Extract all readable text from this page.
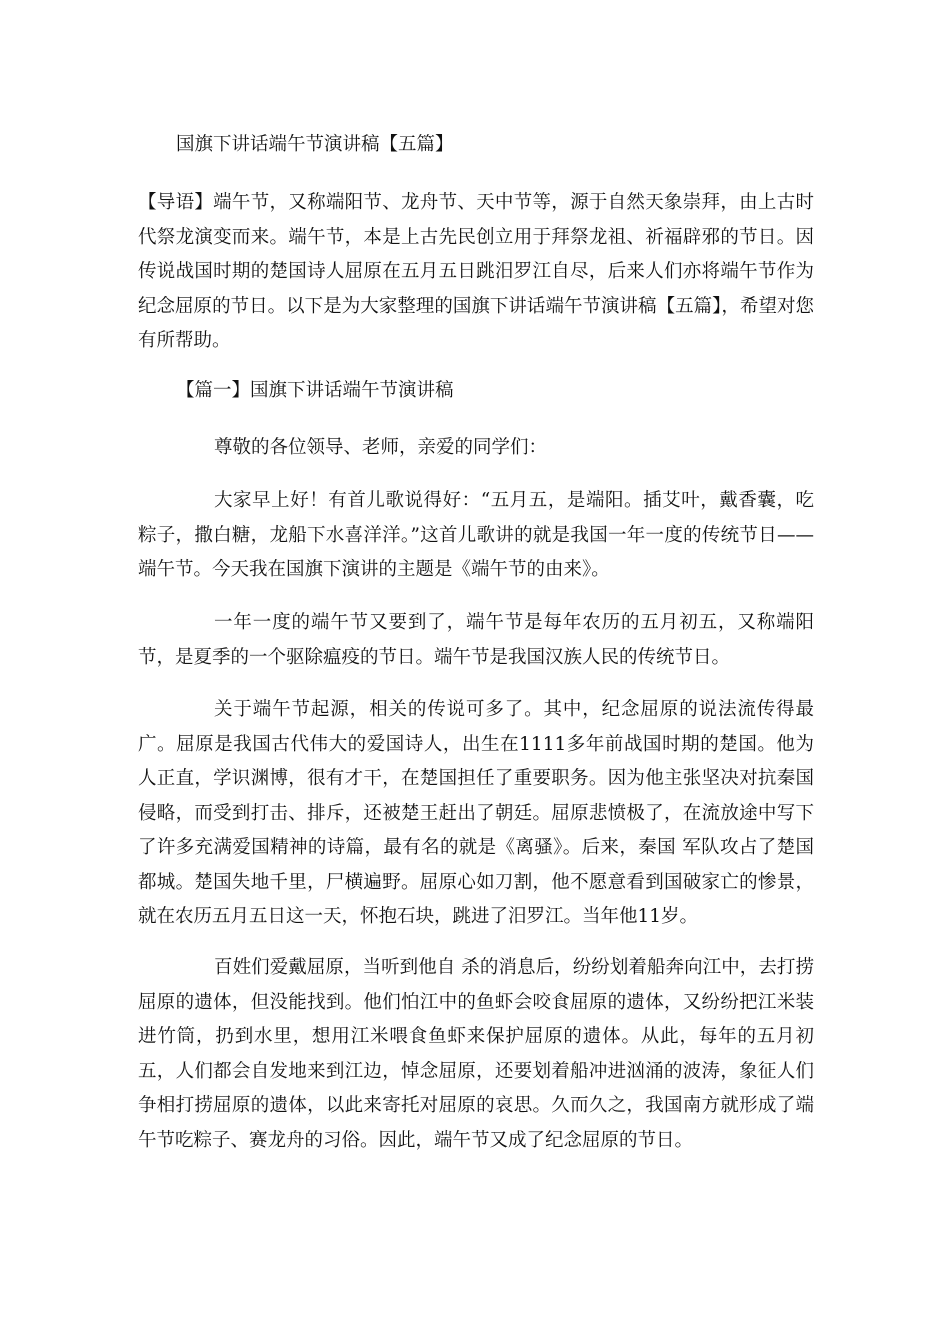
国旗下讲话端午节演讲稿【五篇】

【导语】端午节，又称端阳节、龙舟节、天中节等，源于自然天象崇拜，由上古时代祭龙演变而来。端午节，本是上古先民创立用于拜祭龙祖、祈福辟邪的节日。因传说战国时期的楚国诗人屈原在五月五日跳汨罗江自尽，后来人们亦将端午节作为纪念屈原的节日。以下是为大家整理的国旗下讲话端午节演讲稿【五篇】，希望对您有所帮助。

【篇一】国旗下讲话端午节演讲稿

尊敬的各位领导、老师，亲爱的同学们：

大家早上好！有首儿歌说得好：“五月五，是端阳。插艾叶，戴香囊，吃粽子，撒白糖，龙船下水喜洋洋。”这首儿歌讲的就是我国一年一度的传统节日——端午节。今天我在国旗下演讲的主题是《端午节的由来》。

一年一度的端午节又要到了，端午节是每年农历的五月初五，又称端阳节，是夏季的一个驱除瘟疫的节日。端午节是我国汉族人民的传统节日。

关于端午节起源，相关的传说可多了。其中，纪念屈原的说法流传得最广。屈原是我国古代伟大的爱国诗人，出生在1111多年前战国时期的楚国。他为人正直，学识渊博，很有才干，在楚国担任了重要职务。因为他主张坚决对抗秦国侵略，而受到打击、排斥，还被楚王赶出了朝廷。屈原悲愤极了，在流放途中写下了许多充满爱国精神的诗篇，最有名的就是《离骚》。后来，秦国 军队攻占了楚国都城。楚国失地千里，尸横遍野。屈原心如刀割，他不愿意看到国破家亡的惨景，就在农历五月五日这一天，怀抱石块，跳进了汨罗江。当年他11岁。

百姓们爱戴屈原，当听到他自 杀的消息后，纷纷划着船奔向江中，去打捞屈原的遗体，但没能找到。他们怕江中的鱼虾会咬食屈原的遗体，又纷纷把江米装进竹筒，扔到水里，想用江米喂食鱼虾来保护屈原的遗体。从此，每年的五月初五，人们都会自发地来到江边，悼念屈原，还要划着船冲进汹涌的波涛，象征人们争相打捞屈原的遗体，以此来寄托对屈原的哀思。久而久之，我国南方就形成了端午节吃粽子、赛龙舟的习俗。因此，端午节又成了纪念屈原的节日。
